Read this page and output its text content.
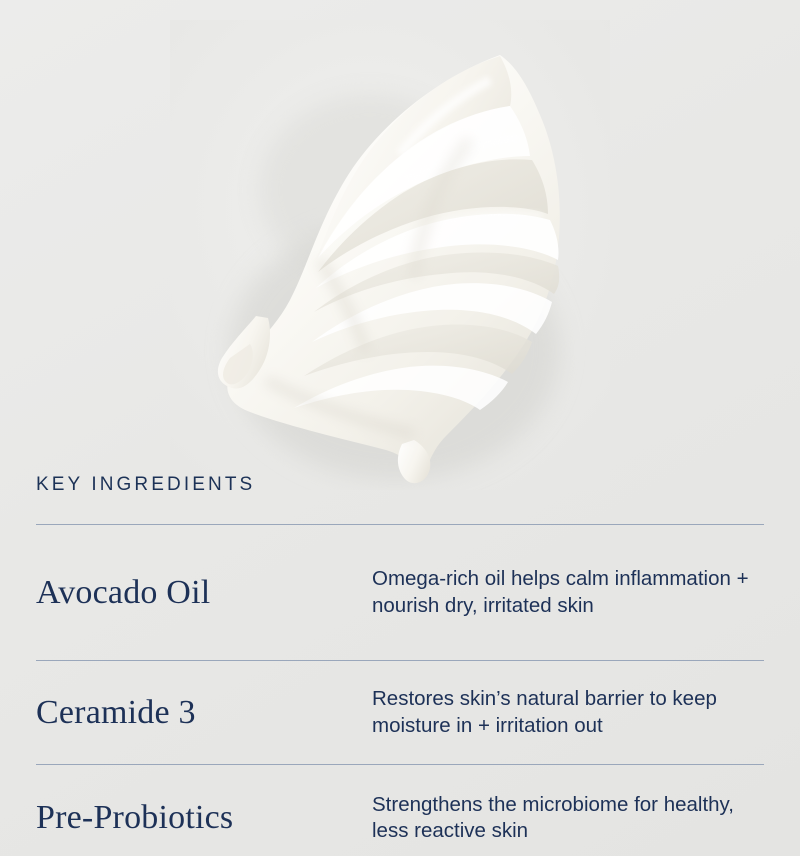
KEY INGREDIENTS
Avocado Oil	Omega-rich oil helps calm inflammation + nourish dry, irritated skin
Ceramide 3	Restores skin’s natural barrier to keep moisture in + irritation out
Pre-Probiotics	Strengthens the microbiome for healthy, less reactive skin
